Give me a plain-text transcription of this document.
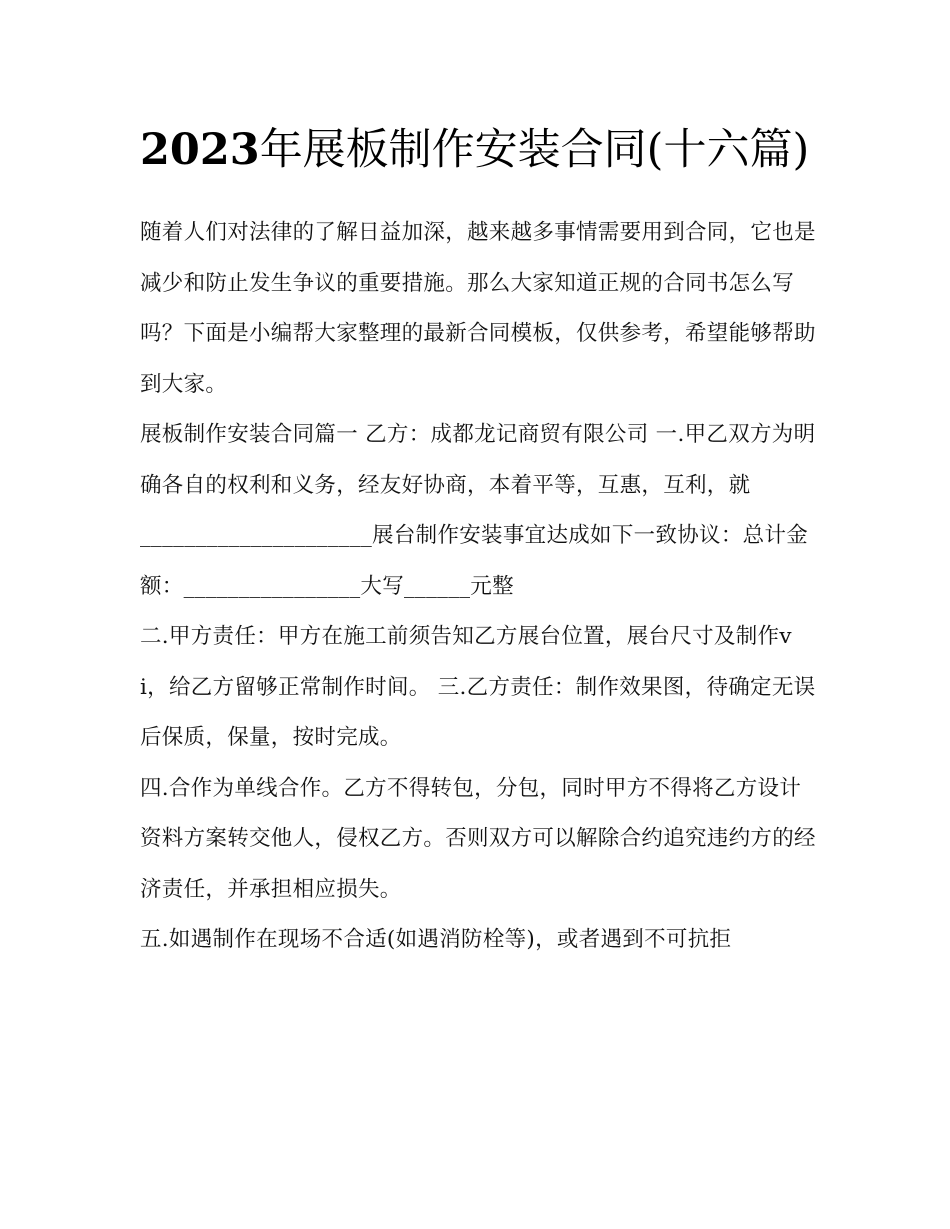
2023年展板制作安装合同(十六篇)

随着人们对法律的了解日益加深，越来越多事情需要用到合同，它也是减少和防止发生争议的重要措施。那么大家知道正规的合同书怎么写吗？下面是小编帮大家整理的最新合同模板，仅供参考，希望能够帮助到大家。

展板制作安装合同篇一 乙方：成都龙记商贸有限公司 一.甲乙双方为明确各自的权利和义务，经友好协商，本着平等，互惠，互利，就

_____________________展台制作安装事宜达成如下一致协议：总计金额：________________大写______元整

二.甲方责任：甲方在施工前须告知乙方展台位置，展台尺寸及制作vi，给乙方留够正常制作时间。 三.乙方责任：制作效果图，待确定无误后保质，保量，按时完成。

四.合作为单线合作。乙方不得转包，分包，同时甲方不得将乙方设计资料方案转交他人，侵权乙方。否则双方可以解除合约追究违约方的经济责任，并承担相应损失。

五.如遇制作在现场不合适(如遇消防栓等)，或者遇到不可抗拒
